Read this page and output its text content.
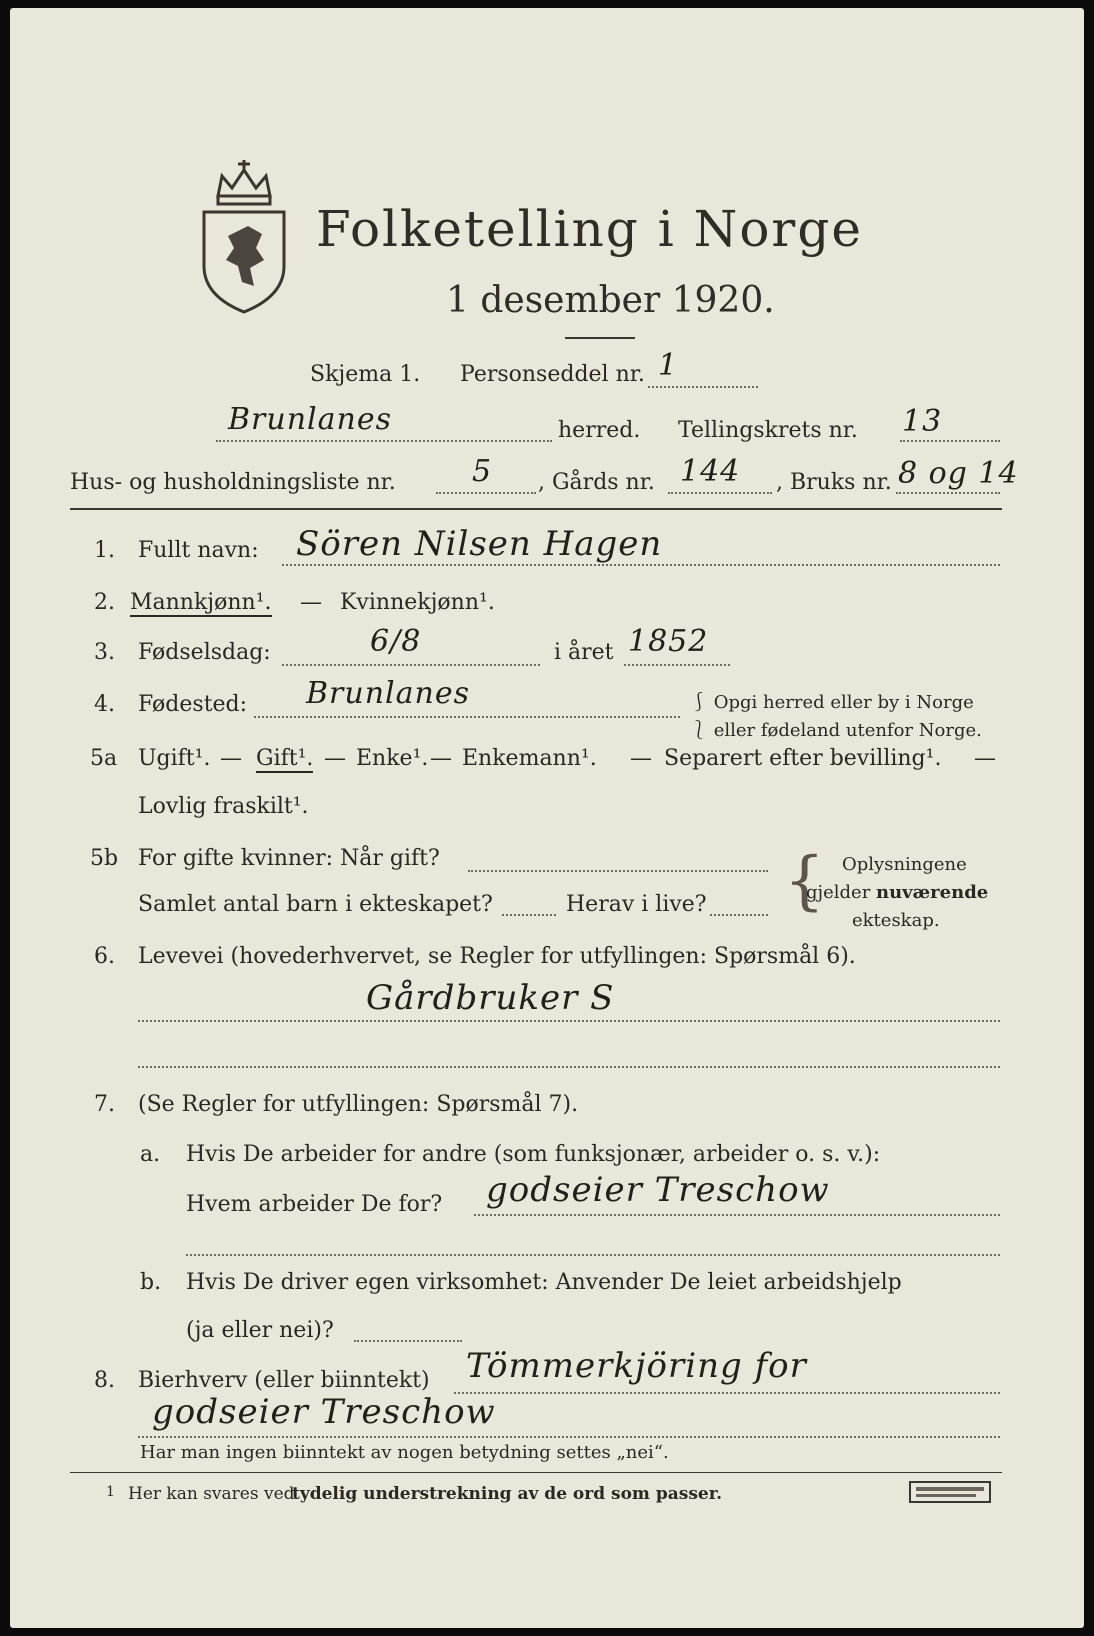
Folketelling i Norge
1 desember 1920.
Skjema 1. Personseddel nr. 1
Brunlanes	herred. Tellingskrets nr. 13
Hus- og husholdningsliste nr.	5 , Gårds nr. 144 , Bruks nr. 8 og 14
1. Fullt navn: Sören Nilsen Hagen
2. Mannkjønn¹. — Kvinnekjønn¹.
3. Fødselsdag:	6/8	i året 1852
4. Fødested: Brunlanes	⎰ Opgi herred eller by i Norge
⎱ eller fødeland utenfor Norge.
5a Ugift¹. — Gift¹. — Enke¹. — Enkemann¹. — Separert efter bevilling¹. —
Lovlig fraskilt¹.
5b For gifte kvinner: Når gift?
Samlet antal barn i ekteskapet?	Herav i live? { Oplysningene
gjelder nuværende
ekteskap.
6. Levevei (hovederhvervet, se Regler for utfyllingen: Spørsmål 6).
Gårdbruker S
7. (Se Regler for utfyllingen: Spørsmål 7).
a. Hvis De arbeider for andre (som funksjonær, arbeider o. s. v.):
Hvem arbeider De for? godseier Treschow
b. Hvis De driver egen virksomhet: Anvender De leiet arbeidshjelp
(ja eller nei)?
8. Bierhverv (eller biinntekt) Tömmerkjöring for
godseier Treschow
Har man ingen biinntekt av nogen betydning settes „nei“.
1 Her kan svares ved
tydelig understrekning av de ord som passer.
